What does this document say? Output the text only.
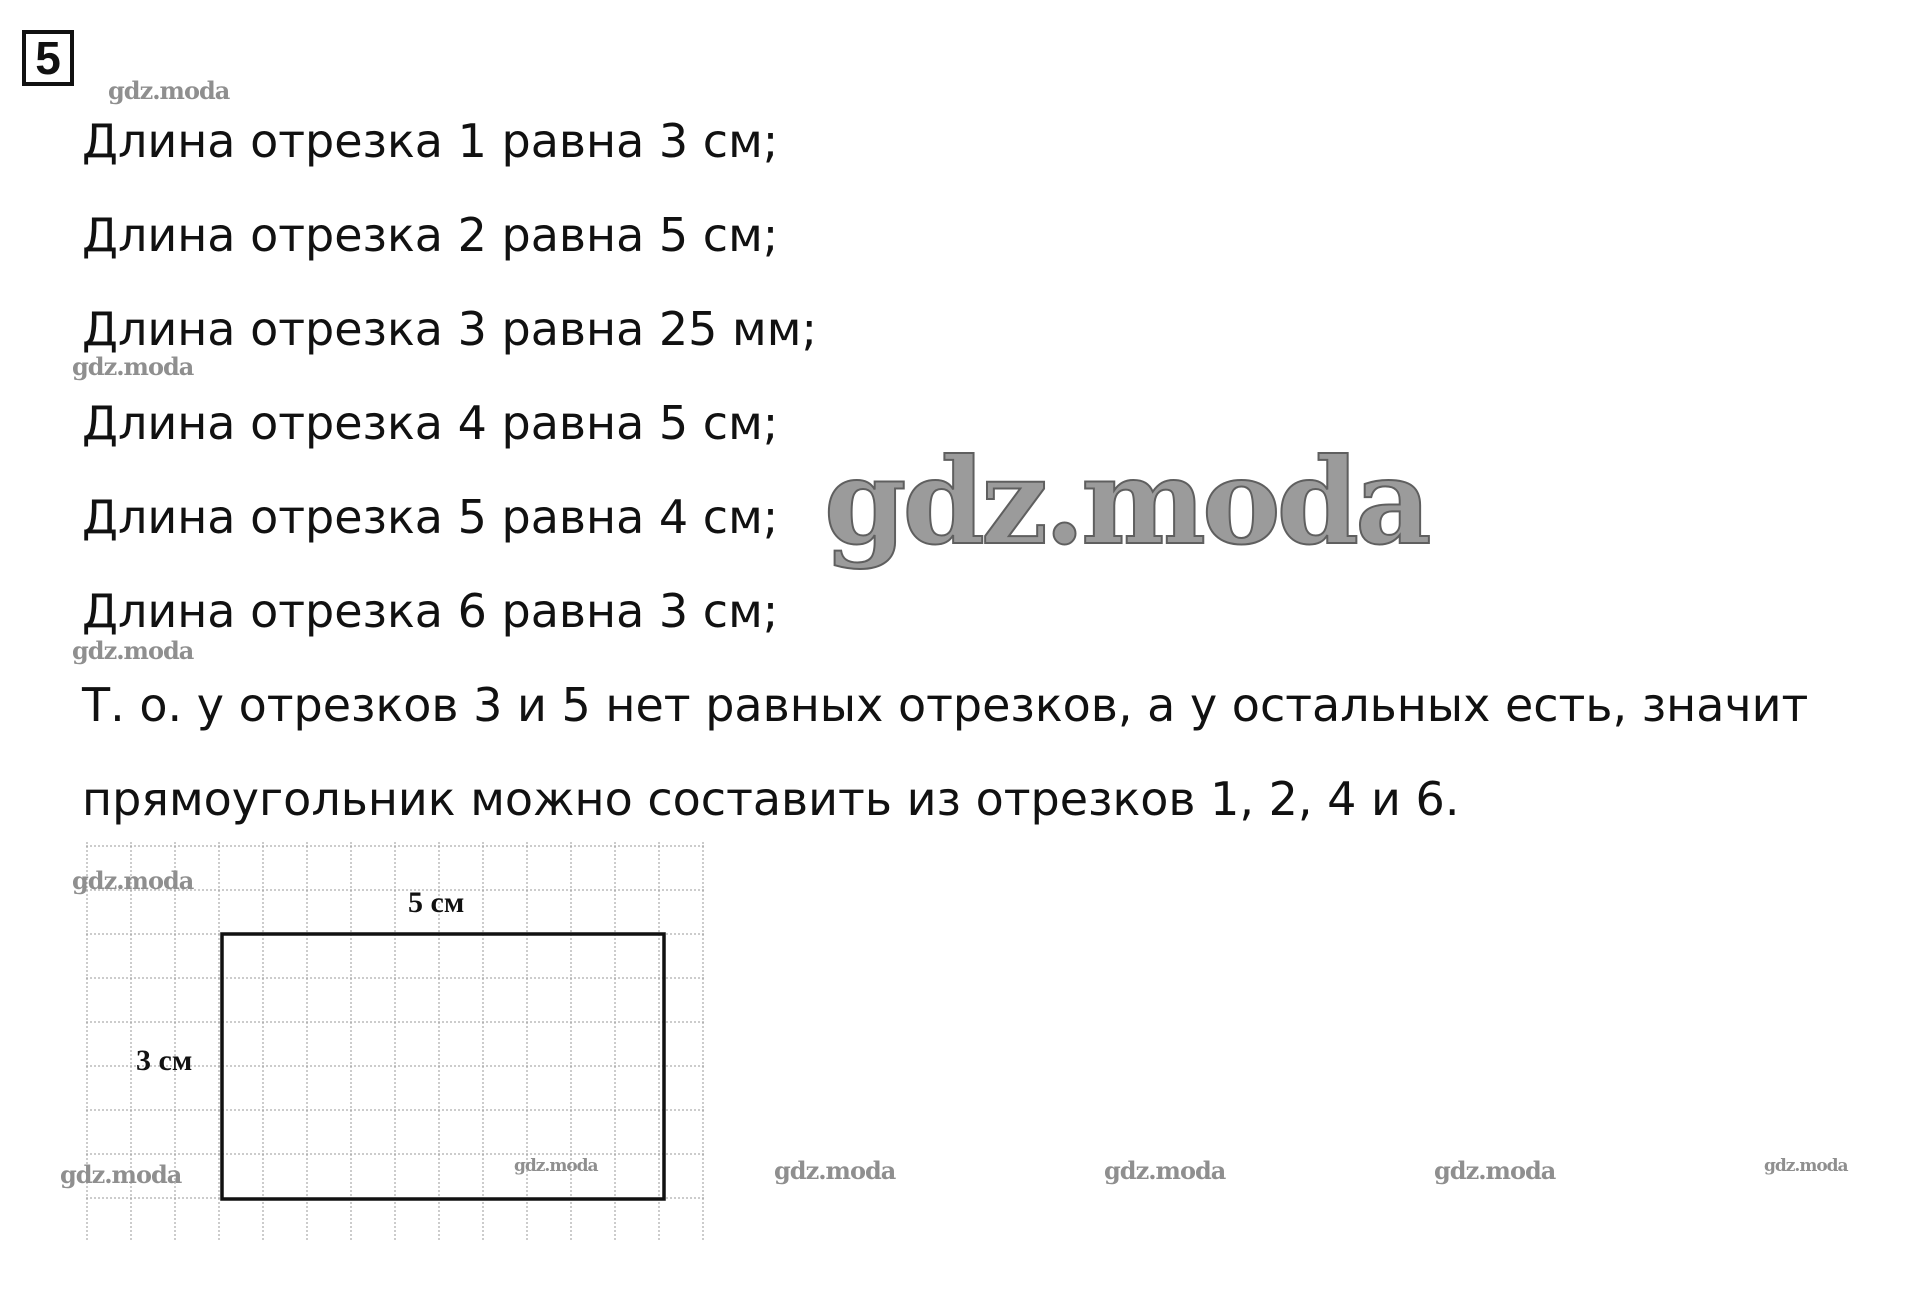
5
Длина отрезка 1 равна 3 см;
Длина отрезка 2 равна 5 см;
Длина отрезка 3 равна 25 мм;
Длина отрезка 4 равна 5 см;
Длина отрезка 5 равна 4 см;
Длина отрезка 6 равна 3 см;
Т. о. у отрезков 3 и 5 нет равных отрезков, а у остальных есть, значит
прямоугольник можно составить из отрезков 1, 2, 4 и 6.
5 см
3 см
gdz.moda
gdz.moda
gdz.moda
gdz.moda
gdz.moda	gdz.moda	gdz.moda	gdz.moda	gdz.moda	gdz.moda
gdz.moda
